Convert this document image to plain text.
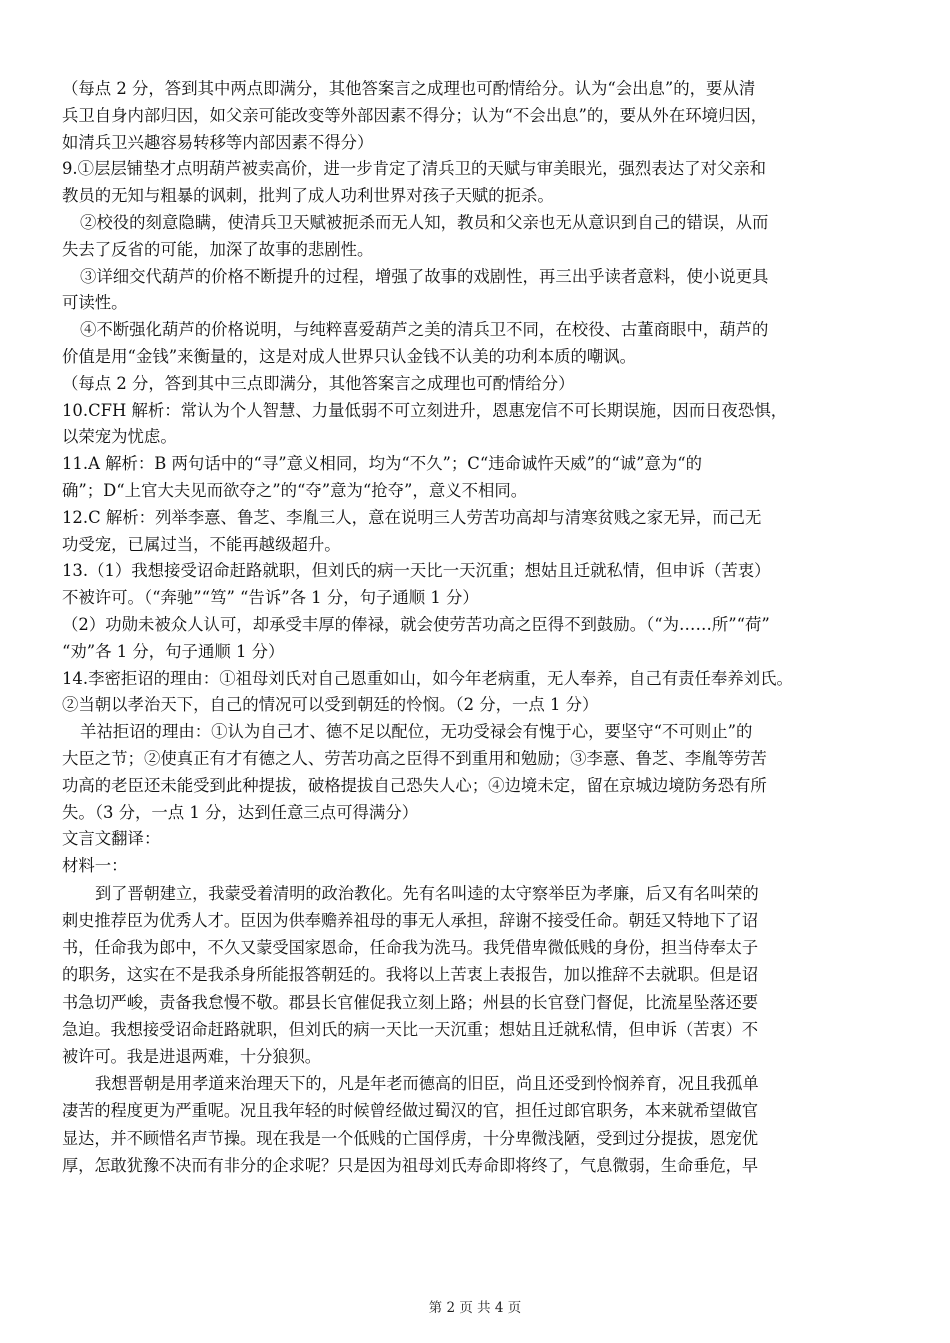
（每点 2 分，答到其中两点即满分，其他答案言之成理也可酌情给分。认为“会出息”的，要从清

兵卫自身内部归因，如父亲可能改变等外部因素不得分；认为“不会出息”的，要从外在环境归因，

如清兵卫兴趣容易转移等内部因素不得分）

9.①层层铺垫才点明葫芦被卖高价，进一步肯定了清兵卫的天赋与审美眼光，强烈表达了对父亲和

教员的无知与粗暴的讽刺，批判了成人功利世界对孩子天赋的扼杀。

②校役的刻意隐瞒，使清兵卫天赋被扼杀而无人知，教员和父亲也无从意识到自己的错误，从而

失去了反省的可能，加深了故事的悲剧性。

③详细交代葫芦的价格不断提升的过程，增强了故事的戏剧性，再三出乎读者意料，使小说更具

可读性。

④不断强化葫芦的价格说明，与纯粹喜爱葫芦之美的清兵卫不同，在校役、古董商眼中，葫芦的

价值是用“金钱”来衡量的，这是对成人世界只认金钱不认美的功利本质的嘲讽。

（每点 2 分，答到其中三点即满分，其他答案言之成理也可酌情给分）

10.CFH 解析：常认为个人智慧、力量低弱不可立刻进升，恩惠宠信不可长期误施，因而日夜恐惧，

以荣宠为忧虑。

11.A 解析：B 两句话中的“寻”意义相同，均为“不久”；C“违命诚忤天威”的“诚”意为“的

确”；D“上官大夫见而欲夺之”的“夺”意为“抢夺”，意义不相同。

12.C 解析：列举李憙、鲁芝、李胤三人，意在说明三人劳苦功高却与清寒贫贱之家无异，而己无

功受宠，已属过当，不能再越级超升。

13.（1）我想接受诏命赶路就职，但刘氏的病一天比一天沉重；想姑且迁就私情，但申诉（苦衷）

不被许可。（“奔驰”“笃” “告诉”各 1 分，句子通顺 1 分）

（2）功勋未被众人认可，却承受丰厚的俸禄，就会使劳苦功高之臣得不到鼓励。（“为……所”“荷”

“劝”各 1 分，句子通顺 1 分）

14.李密拒诏的理由：①祖母刘氏对自己恩重如山，如今年老病重，无人奉养，自己有责任奉养刘氏。

②当朝以孝治天下，自己的情况可以受到朝廷的怜悯。（2 分，一点 1 分）

羊祜拒诏的理由：①认为自己才、德不足以配位，无功受禄会有愧于心，要坚守“不可则止”的

大臣之节；②使真正有才有德之人、劳苦功高之臣得不到重用和勉励；③李憙、鲁芝、李胤等劳苦

功高的老臣还未能受到此种提拔，破格提拔自己恐失人心；④边境未定，留在京城边境防务恐有所

失。（3 分，一点 1 分，达到任意三点可得满分）

文言文翻译：

材料一：

到了晋朝建立，我蒙受着清明的政治教化。先有名叫逵的太守察举臣为孝廉，后又有名叫荣的

刺史推荐臣为优秀人才。臣因为供奉赡养祖母的事无人承担，辞谢不接受任命。朝廷又特地下了诏

书，任命我为郎中，不久又蒙受国家恩命，任命我为洗马。我凭借卑微低贱的身份，担当侍奉太子

的职务，这实在不是我杀身所能报答朝廷的。我将以上苦衷上表报告，加以推辞不去就职。但是诏

书急切严峻，责备我怠慢不敬。郡县长官催促我立刻上路；州县的长官登门督促，比流星坠落还要

急迫。我想接受诏命赶路就职，但刘氏的病一天比一天沉重；想姑且迁就私情，但申诉（苦衷）不

被许可。我是进退两难，十分狼狈。

我想晋朝是用孝道来治理天下的，凡是年老而德高的旧臣，尚且还受到怜悯养育，况且我孤单

凄苦的程度更为严重呢。况且我年轻的时候曾经做过蜀汉的官，担任过郎官职务，本来就希望做官

显达，并不顾惜名声节操。现在我是一个低贱的亡国俘虏，十分卑微浅陋，受到过分提拔，恩宠优

厚，怎敢犹豫不决而有非分的企求呢？只是因为祖母刘氏寿命即将终了，气息微弱，生命垂危，早

第 2 页 共 4 页
